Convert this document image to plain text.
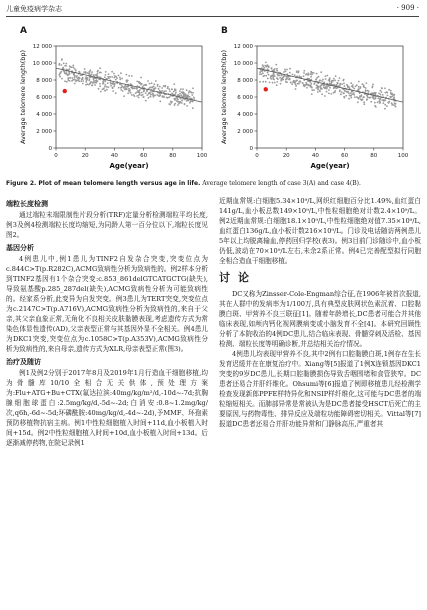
儿童免疫病学杂志	· 909 ·
A
0
2 000
4 000
6 000
8 000
10 000
12 000
0	20	40	60	80	100
Age(year)
Average telomere length(bp)
B
0
2 000
4 000
6 000
8 000
10 000
12 000
0	20	40	60	80	100
Age(year)
Average telomere length(bp)
Figure 2. Plot of mean telomere length versus age in life. Average telomere length of case 3(A) and case 4(B).
端粒长度检测

通过端粒末端限制性片段分析(TRF)定量分析检测端粒平均长度,例3及例4检测端粒长度均缩短,为同龄人第一百分位以下,端粒长度见图2。

基因分析

4例患儿中,例1患儿为TINF2自发杂合突变,突变位点为c.844C>T(p.R282C),ACMG致病性分析为致病性的。例2样本分析到TINF2基因有1个杂合突变:c.853_861delGTCATGCTG(缺失),导致氨基酸p.285_287del(缺失),ACMG致病性分析为可能致病性的。经家系分析,此变异为自发突变。例3患儿为TERT突变,突变位点为c.2147C>T(p.A716V),ACMG致病性分析为致病性的,来自于父亲,其父亲血象正常,无角化不良相关皮肤黏膜表现,考虑遗传方式为常染色体显性遗传(AD),父亲表型正常与其基因外显不全相关。例4患儿为DKC1突变,突变位点为c.1058C>T(p.A353V),ACMG致病性分析为致病性的,来自母亲,遗传方式为XLR,母亲表型正常(图3)。

治疗及随访

例1及例2分别于2017年8月及2019年1月行造血干细胞移植,均为骨髓库10/10全相合无关供体,预处理方案为:Flu+ATG+Bu+CTX(氟达拉滨:40mg/kg/m²/d,-10d~-7d;抗胸腺细胞球蛋白:2.5mg/kg/d,-5d~-2d;白消安:0.8~1.2mg/kg/次,q6h,-6d~-5d;环磷酰胺:40mg/kg/d,-4d~-2d),予MMF、环孢素预防移植物抗宿主病。例1中性粒细胞植入时间+11d,血小板植入时间+15d。例2中性粒细胞植入时间+10d,血小板植入时间+13d。后逐渐减停药物,在院记录例1

近期血常规:白细胞5.34×10⁹/L,网织红细胞百分比1.49%,血红蛋白141g/L,血小板总数149×10⁹/L,中性粒细胞绝对计数2.4×10⁹/L。例2近期血常规:白细胞18.1×10⁹/L,中性粒细胞绝对值7.35×10⁹/L,血红蛋白136g/L,血小板计数216×10⁹/L。门诊及电话随访两例患儿5年以上均脱离输血,停药回归学校(表3)。例3目前门诊随诊中,血小板仍低,波动在70×10⁹/L左右,未余2系正常。例4已完善配型拟行同胞全相合造血干细胞移植。

讨论

DC又称为Zinsser-Cole-Engman综合征,在1906年被首次报道,其在人群中的发病率为1/100万,具有典型皮肤网状色素沉着、口腔黏膜白斑、甲营养不良三联征[1]。随着年龄增长,DC患者可能合并其他临床表现,如颅内钙化视网膜病变或小脑发育不全[4]。本研究回顾性分析了本院收治的4例DC患儿,结合临床表现、骨髓穿刺及活检、基因检测、端粒长度等明确诊断,并总结相关治疗情况。

4例患儿均表现甲营养不良,其中2例有口腔黏膜白斑,1例存在生长发育迟缓并在在康复治疗中。Xiang等[5]报道了1例X连锁基因DKC1突变的9岁DC患儿,长期口腔黏膜损伤导致舌咽围堵和食管狭窄。DC患者还易合并肝纤维化。Ohsumi等[6]报道了例即移植患儿经检测学检查发现新郎PPFE样特异化和NSIP样纤维化,这可能与DC患者的端粒缩短相关。而肺部异常是常被认为是DC患者接受HSCT后死亡的主要原因,与药物毒性、排异反应及端粒功能障碍密切相关。Vittal等[7]报道DC患者还易合并肝功能异常和门静脉高压,严重者其
